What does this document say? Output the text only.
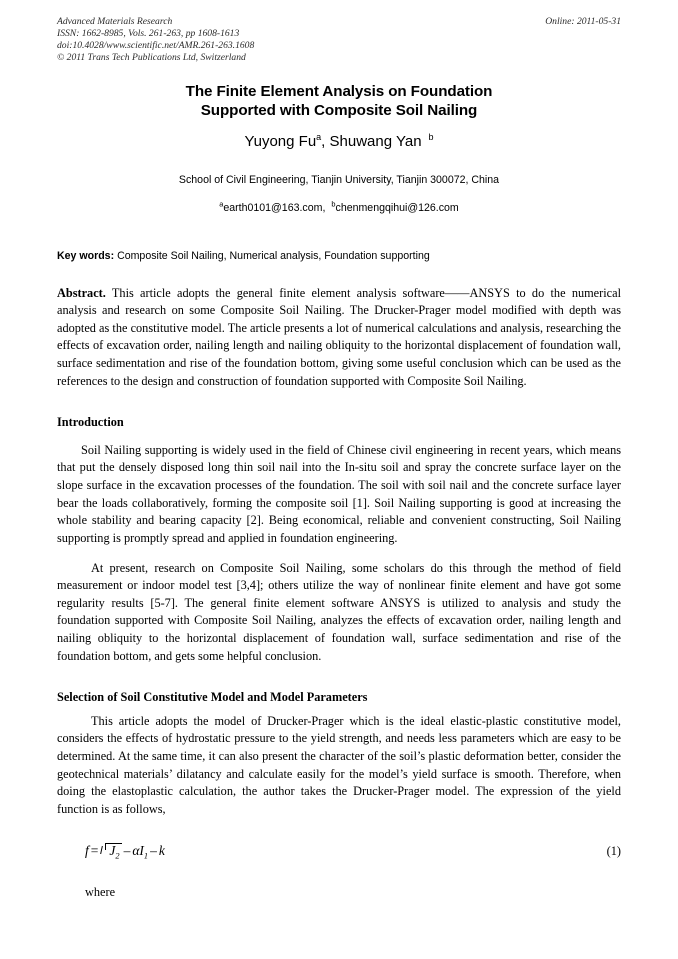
Advanced Materials Research
ISSN: 1662-8985, Vols. 261-263, pp 1608-1613
doi:10.4028/www.scientific.net/AMR.261-263.1608
© 2011 Trans Tech Publications Ltd, Switzerland
Online: 2011-05-31
The Finite Element Analysis on Foundation
Supported with Composite Soil Nailing
Yuyong Fu$^a$, Shuwang Yan $^b$
School of Civil Engineering, Tianjin University, Tianjin 300072, China
$^a$earth0101@163.com, $^b$chenmengqihui@126.com
Key words: Composite Soil Nailing, Numerical analysis, Foundation supporting
Abstract. This article adopts the general finite element analysis software——ANSYS to do the numerical analysis and research on some Composite Soil Nailing. The Drucker-Prager model modified with depth was adopted as the constitutive model. The article presents a lot of numerical calculations and analysis, researching the effects of excavation order, nailing length and nailing obliquity to the horizontal displacement of foundation wall, surface sedimentation and rise of the foundation bottom, giving some useful conclusion which can be used as the references to the design and construction of foundation supported with Composite Soil Nailing.
Introduction

Soil Nailing supporting is widely used in the field of Chinese civil engineering in recent years, which means that put the densely disposed long thin soil nail into the In-situ soil and spray the concrete surface layer on the slope surface in the excavation processes of the foundation. The soil with soil nail and the concrete surface layer bear the loads collaboratively, forming the composite soil [1]. Soil Nailing supporting is good at increasing the whole stability and bearing capacity [2]. Being economical, reliable and convenient constructing, Soil Nailing supporting is promptly spread and applied in foundation engineering.

At present, research on Composite Soil Nailing, some scholars do this through the method of field measurement or indoor model test [3,4]; others utilize the way of nonlinear finite element and have got some regularity results [5-7]. The general finite element software ANSYS is utilized to analysis and study the foundation supported with Composite Soil Nailing, analyzes the effects of excavation order, nailing length and nailing obliquity to the horizontal displacement of foundation wall, surface sedimentation and rise of the foundation bottom, and gets some helpful conclusion.

Selection of Soil Constitutive Model and Model Parameters

This article adopts the model of Drucker-Prager which is the ideal elastic-plastic constitutive model, considers the effects of hydrostatic pressure to the yield strength, and needs less parameters which are easy to be determined. At the same time, it can also present the character of the soil’s plastic deformation better, consider the geotechnical materials’ dilatancy and calculate easily for the model’s yield surface is smooth. Therefore, when doing the elastoplastic calculation, the author takes the Drucker-Prager model. The expression of the yield function is as follows,

$f = J_2 - \alpha I_1 - k$	(1)
where
